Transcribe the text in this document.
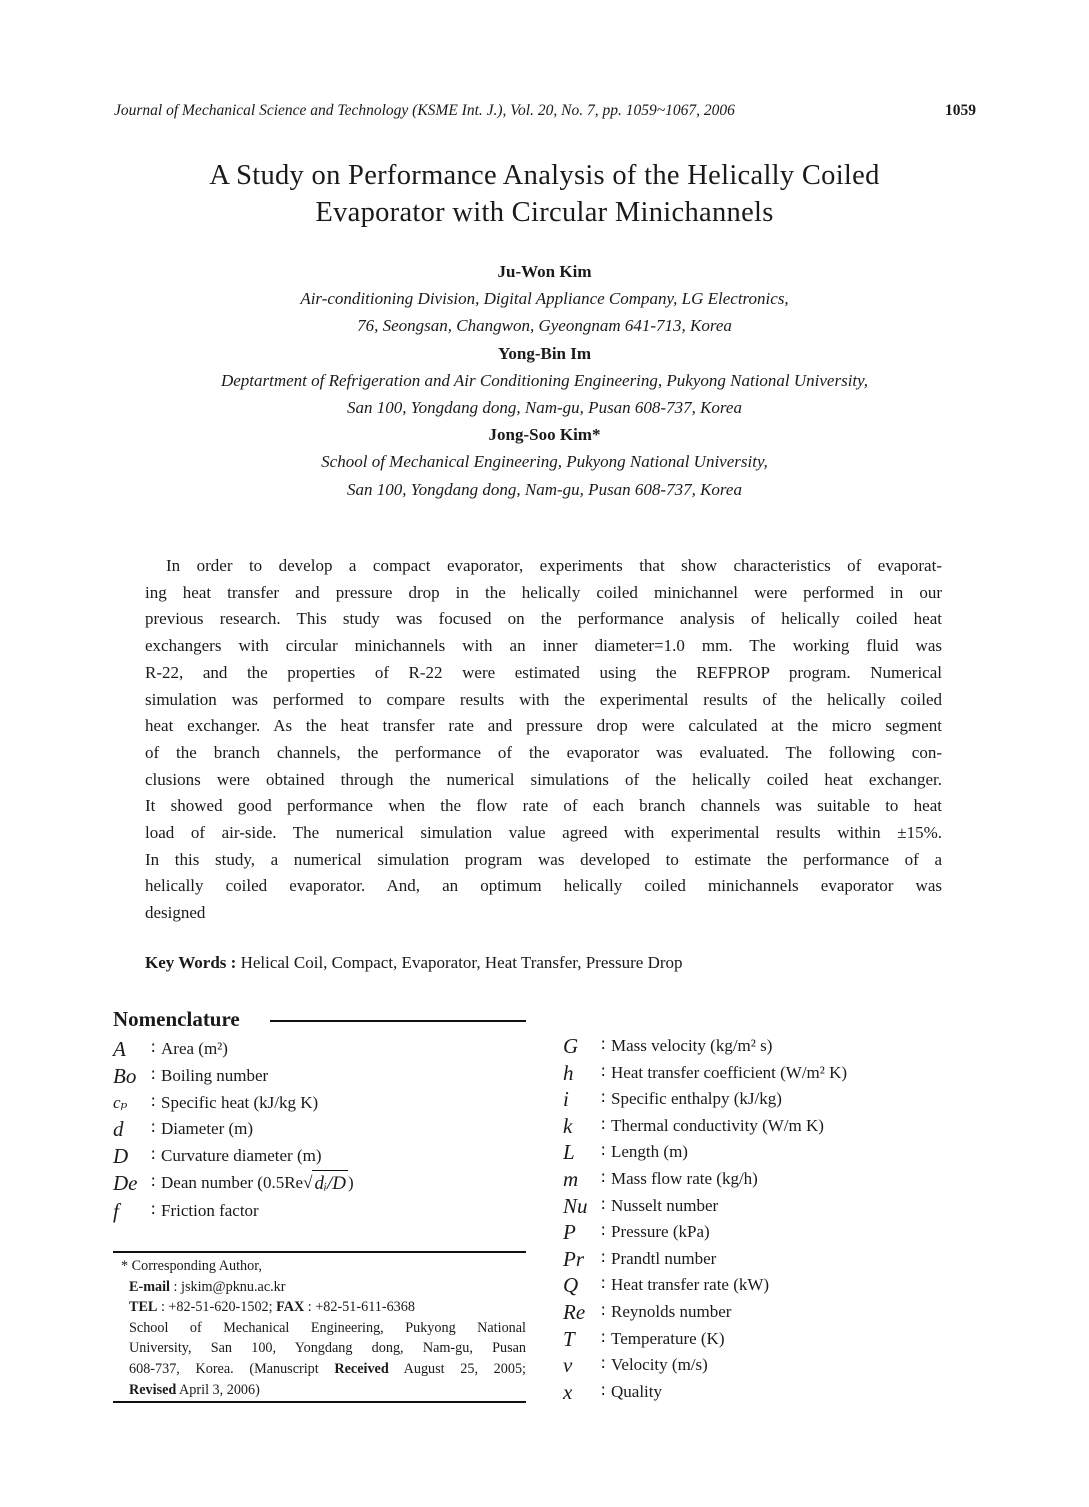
Journal of Mechanical Science and Technology (KSME Int. J.), Vol. 20, No. 7, pp. 1059~1067, 2006	1059
A Study on Performance Analysis of the Helically Coiled
Evaporator with Circular Minichannels
Ju-Won Kim
Air-conditioning Division, Digital Appliance Company, LG Electronics,
76, Seongsan, Changwon, Gyeongnam 641-713, Korea
Yong-Bin Im
Deptartment of Refrigeration and Air Conditioning Engineering, Pukyong National University,
San 100, Yongdang dong, Nam-gu, Pusan 608-737, Korea
Jong-Soo Kim*
School of Mechanical Engineering, Pukyong National University,
San 100, Yongdang dong, Nam-gu, Pusan 608-737, Korea
In order to develop a compact evaporator, experiments that show characteristics of evaporat-
ing heat transfer and pressure drop in the helically coiled minichannel were performed in our
previous research. This study was focused on the performance analysis of helically coiled heat
exchangers with circular minichannels with an inner diameter=1.0 mm. The working fluid was
R-22, and the properties of R-22 were estimated using the REFPROP program. Numerical
simulation was performed to compare results with the experimental results of the helically coiled
heat exchanger. As the heat transfer rate and pressure drop were calculated at the micro segment
of the branch channels, the performance of the evaporator was evaluated. The following con-
clusions were obtained through the numerical simulations of the helically coiled heat exchanger.
It showed good performance when the flow rate of each branch channels was suitable to heat
load of air-side. The numerical simulation value agreed with experimental results within ±15%.
In this study, a numerical simulation program was developed to estimate the performance of a
helically coiled evaporator. And, an optimum helically coiled minichannels evaporator was
designed
Key Words : Helical Coil, Compact, Evaporator, Heat Transfer, Pressure Drop
Nomenclature
A	∶ Area (m²)
Bo ∶ Boiling number
cₚ	∶ Specific heat (kJ/kg K)
d	∶ Diameter (m)
D	∶ Curvature diameter (m)
De ∶ Dean number (0.5Re √ dᵢ/D )
f	∶ Friction factor
G	∶ Mass velocity (kg/m² s)
h	∶ Heat transfer coefficient (W/m² K)
i	∶ Specific enthalpy (kJ/kg)
k	∶ Thermal conductivity (W/m K)
L	∶ Length (m)
m	∶ Mass flow rate (kg/h)
Nu ∶ Nusselt number
P	∶ Pressure (kPa)
Pr	∶ Prandtl number
Q	∶ Heat transfer rate (kW)
Re ∶ Reynolds number
T	∶ Temperature (K)
v	∶ Velocity (m/s)
x	∶ Quality
* Corresponding Author,
E-mail : jskim@pknu.ac.kr
TEL : +82-51-620-1502; FAX : +82-51-611-6368
School of Mechanical Engineering, Pukyong National
University, San 100, Yongdang dong, Nam-gu, Pusan
608-737, Korea. (Manuscript Received August 25, 2005;
Revised April 3, 2006)
